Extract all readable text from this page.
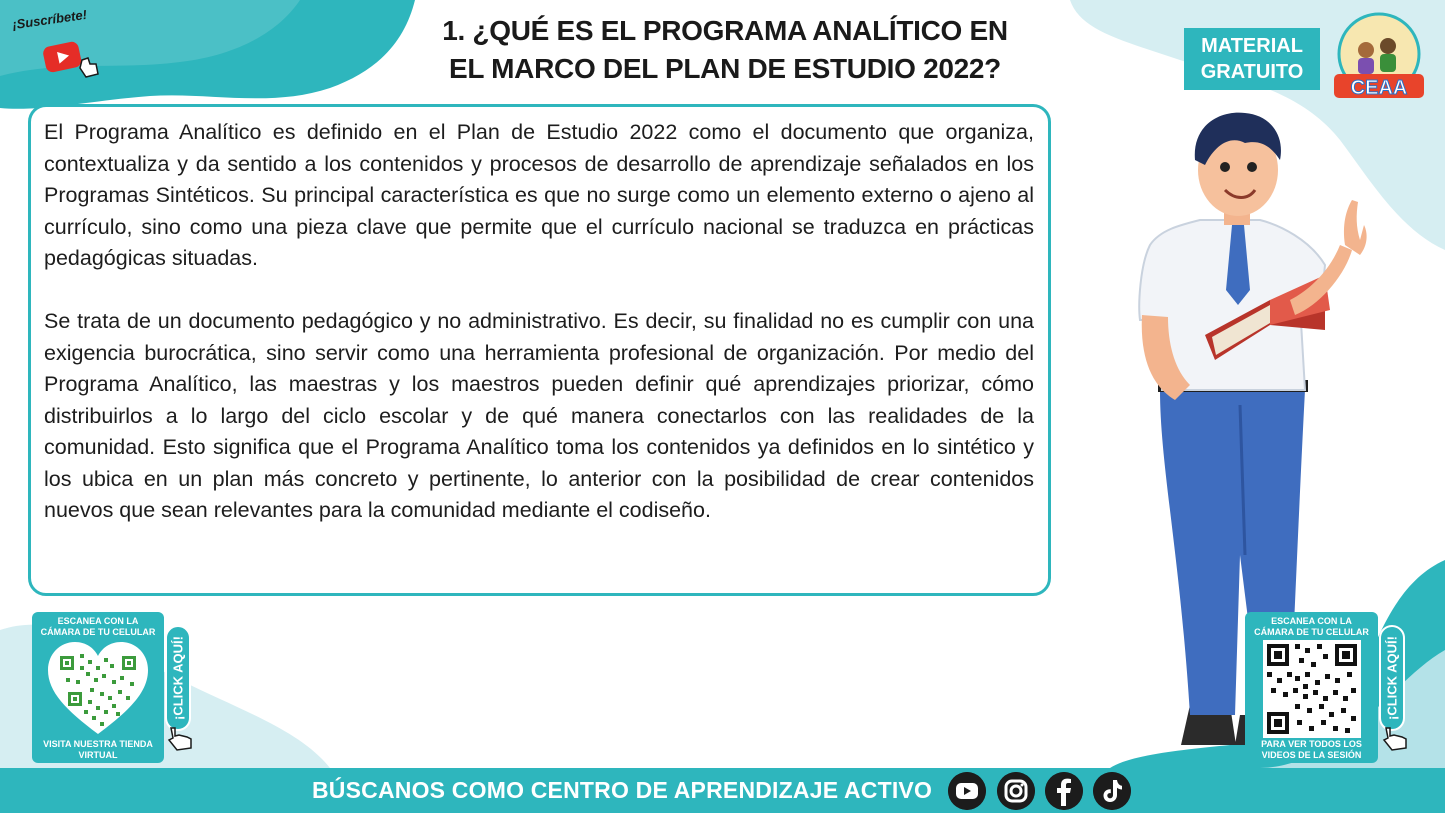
¡Suscríbete!	1. ¿QUÉ ES EL PROGRAMA ANALÍTICO EN
EL MARCO DEL PLAN DE ESTUDIO 2022?
MATERIAL
GRATUITO
CEAA

El Programa Analítico es definido en el Plan de Estudio 2022 como el documento que organiza, contextualiza y da sentido a los contenidos y procesos de desarrollo de aprendizaje señalados en los Programas Sintéticos. Su principal característica es que no surge como un elemento externo o ajeno al currículo, sino como una pieza clave que permite que el currículo nacional se traduzca en prácticas pedagógicas situadas.

Se trata de un documento pedagógico y no administrativo. Es decir, su finalidad no es cumplir con una exigencia burocrática, sino servir como una herramienta profesional de organización. Por medio del Programa Analítico, las maestras y los maestros pueden definir qué aprendizajes priorizar, cómo distribuirlos a lo largo del ciclo escolar y de qué manera conectarlos con las realidades de la comunidad. Esto significa que el Programa Analítico toma los contenidos ya definidos en lo sintético y los ubica en un plan más concreto y pertinente, lo anterior con la posibilidad de crear contenidos nuevos que sean relevantes para la comunidad mediante el codiseño.

ESCANEA CON LA
CÁMARA DE TU CELULAR
VISITA NUESTRA TIENDA
VIRTUAL
¡CLICK AQUÍ!
ESCANEA CON LA
CÁMARA DE TU CELULAR
PARA VER TODOS LOS
VIDEOS DE LA SESIÓN
¡CLICK AQUÍ!
BÚSCANOS COMO CENTRO DE APRENDIZAJE ACTIVO
